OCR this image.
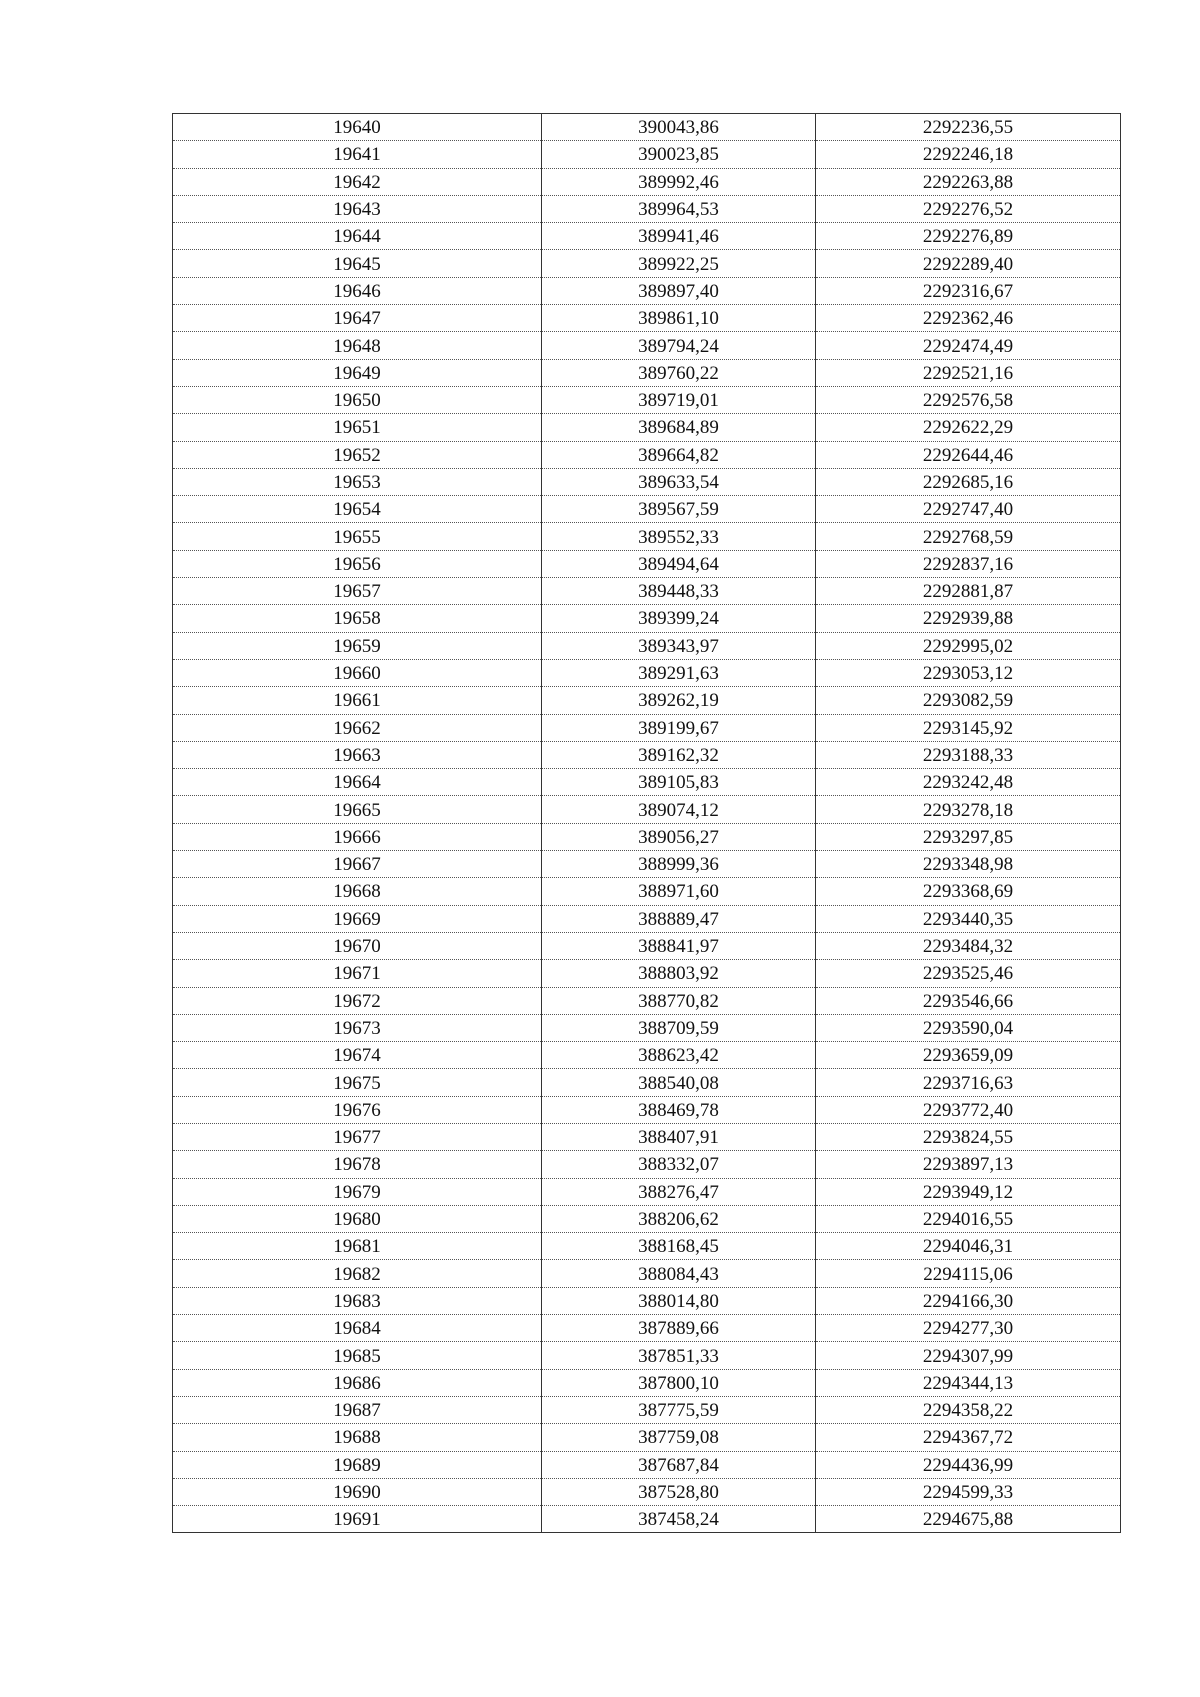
19640	390043,86	2292236,55
19641	390023,85	2292246,18
19642	389992,46	2292263,88
19643	389964,53	2292276,52
19644	389941,46	2292276,89
19645	389922,25	2292289,40
19646	389897,40	2292316,67
19647	389861,10	2292362,46
19648	389794,24	2292474,49
19649	389760,22	2292521,16
19650	389719,01	2292576,58
19651	389684,89	2292622,29
19652	389664,82	2292644,46
19653	389633,54	2292685,16
19654	389567,59	2292747,40
19655	389552,33	2292768,59
19656	389494,64	2292837,16
19657	389448,33	2292881,87
19658	389399,24	2292939,88
19659	389343,97	2292995,02
19660	389291,63	2293053,12
19661	389262,19	2293082,59
19662	389199,67	2293145,92
19663	389162,32	2293188,33
19664	389105,83	2293242,48
19665	389074,12	2293278,18
19666	389056,27	2293297,85
19667	388999,36	2293348,98
19668	388971,60	2293368,69
19669	388889,47	2293440,35
19670	388841,97	2293484,32
19671	388803,92	2293525,46
19672	388770,82	2293546,66
19673	388709,59	2293590,04
19674	388623,42	2293659,09
19675	388540,08	2293716,63
19676	388469,78	2293772,40
19677	388407,91	2293824,55
19678	388332,07	2293897,13
19679	388276,47	2293949,12
19680	388206,62	2294016,55
19681	388168,45	2294046,31
19682	388084,43	2294115,06
19683	388014,80	2294166,30
19684	387889,66	2294277,30
19685	387851,33	2294307,99
19686	387800,10	2294344,13
19687	387775,59	2294358,22
19688	387759,08	2294367,72
19689	387687,84	2294436,99
19690	387528,80	2294599,33
19691	387458,24	2294675,88
